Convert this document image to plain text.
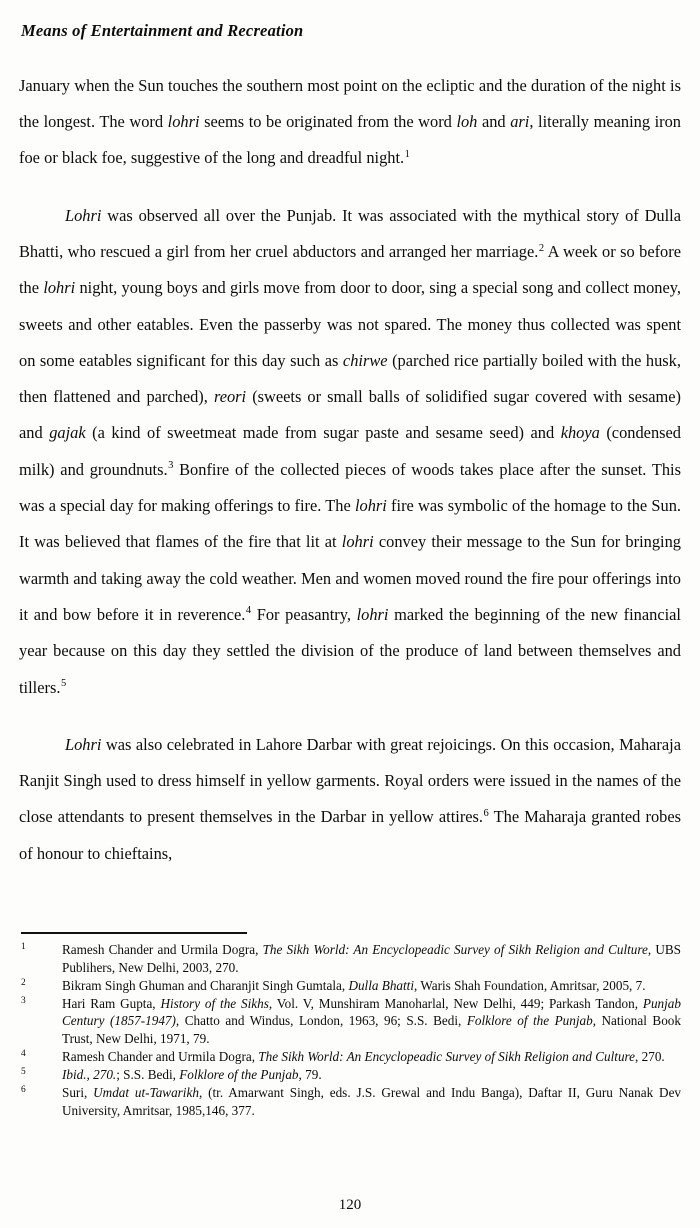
Means of Entertainment and Recreation

January when the Sun touches the southern most point on the ecliptic and the duration of the night is the longest. The word lohri seems to be originated from the word loh and ari, literally meaning iron foe or black foe, suggestive of the long and dreadful night.$^1$

Lohri was observed all over the Punjab. It was associated with the mythical story of Dulla Bhatti, who rescued a girl from her cruel abductors and arranged her marriage.$^2$ A week or so before the lohri night, young boys and girls move from door to door, sing a special song and collect money, sweets and other eatables. Even the passerby was not spared. The money thus collected was spent on some eatables significant for this day such as chirwe (parched rice partially boiled with the husk, then flattened and parched), reori (sweets or small balls of solidified sugar covered with sesame) and gajak (a kind of sweetmeat made from sugar paste and sesame seed) and khoya (condensed milk) and groundnuts.$^3$ Bonfire of the collected pieces of woods takes place after the sunset. This was a special day for making offerings to fire. The lohri fire was symbolic of the homage to the Sun. It was believed that flames of the fire that lit at lohri convey their message to the Sun for bringing warmth and taking away the cold weather. Men and women moved round the fire pour offerings into it and bow before it in reverence.$^4$ For peasantry, lohri marked the beginning of the new financial year because on this day they settled the division of the produce of land between themselves and tillers.$^5$

Lohri was also celebrated in Lahore Darbar with great rejoicings. On this occasion, Maharaja Ranjit Singh used to dress himself in yellow garments. Royal orders were issued in the names of the close attendants to present themselves in the Darbar in yellow attires.$^6$ The Maharaja granted robes of honour to chieftains,

1	Ramesh Chander and Urmila Dogra, The Sikh World: An Encyclopeadic Survey of Sikh Religion and Culture, UBS Publihers, New Delhi, 2003, 270.
2	Bikram Singh Ghuman and Charanjit Singh Gumtala, Dulla Bhatti, Waris Shah Foundation, Amritsar, 2005, 7.
3	Hari Ram Gupta, History of the Sikhs, Vol. V, Munshiram Manoharlal, New Delhi, 449; Parkash Tandon, Punjab Century (1857-1947), Chatto and Windus, London, 1963, 96; S.S. Bedi, Folklore of the Punjab, National Book Trust, New Delhi, 1971, 79.
4	Ramesh Chander and Urmila Dogra, The Sikh World: An Encyclopeadic Survey of Sikh Religion and Culture, 270.
5	Ibid., 270.; S.S. Bedi, Folklore of the Punjab, 79.
6	Suri, Umdat ut-Tawarikh, (tr. Amarwant Singh, eds. J.S. Grewal and Indu Banga), Daftar II, Guru Nanak Dev University, Amritsar, 1985,146, 377.
120
